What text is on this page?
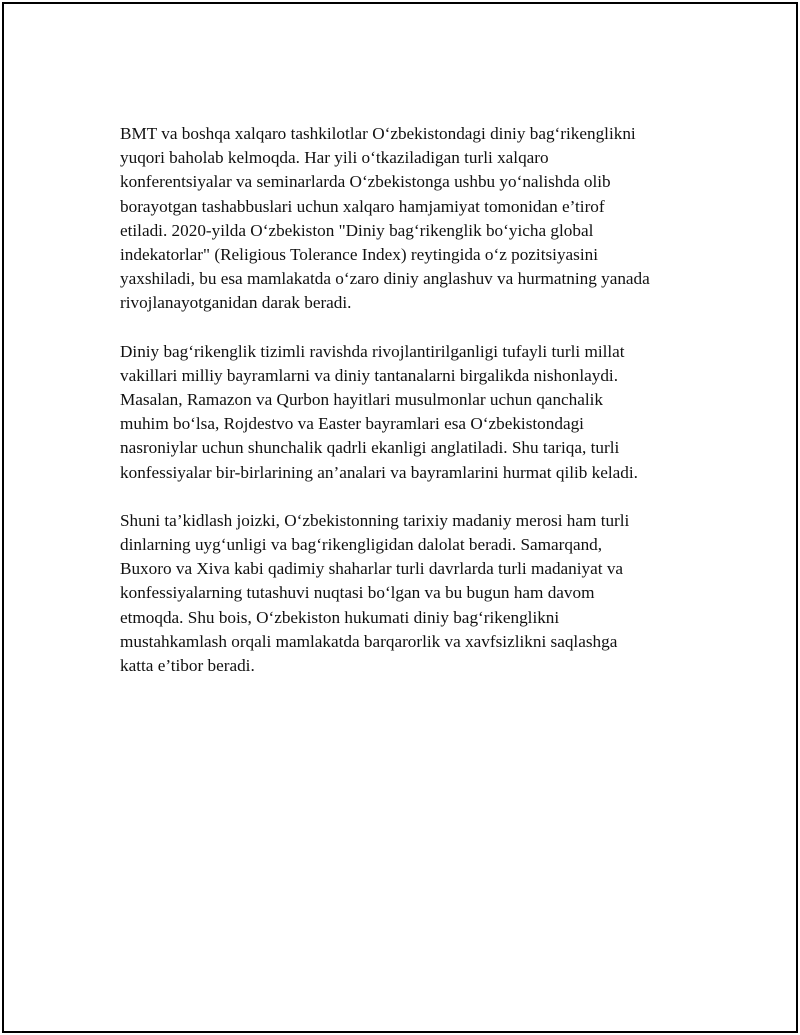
BMT va boshqa xalqaro tashkilotlar O‘zbekistondagi diniy bag‘rikenglikni
yuqori baholab kelmoqda. Har yili o‘tkaziladigan turli xalqaro
konferentsiyalar va seminarlarda O‘zbekistonga ushbu yo‘nalishda olib
borayotgan tashabbuslari uchun xalqaro hamjamiyat tomonidan e’tirof
etiladi. 2020-yilda O‘zbekiston "Diniy bag‘rikenglik bo‘yicha global
indekatorlar" (Religious Tolerance Index) reytingida o‘z pozitsiyasini
yaxshiladi, bu esa mamlakatda o‘zaro diniy anglashuv va hurmatning yanada
rivojlanayotganidan darak beradi.

Diniy bag‘rikenglik tizimli ravishda rivojlantirilganligi tufayli turli millat
vakillari milliy bayramlarni va diniy tantanalarni birgalikda nishonlaydi.
Masalan, Ramazon va Qurbon hayitlari musulmonlar uchun qanchalik
muhim bo‘lsa, Rojdestvo va Easter bayramlari esa O‘zbekistondagi
nasroniylar uchun shunchalik qadrli ekanligi anglatiladi. Shu tariqa, turli
konfessiyalar bir-birlarining an’analari va bayramlarini hurmat qilib keladi.

Shuni ta’kidlash joizki, O‘zbekistonning tarixiy madaniy merosi ham turli
dinlarning uyg‘unligi va bag‘rikengligidan dalolat beradi. Samarqand,
Buxoro va Xiva kabi qadimiy shaharlar turli davrlarda turli madaniyat va
konfessiyalarning tutashuvi nuqtasi bo‘lgan va bu bugun ham davom
etmoqda. Shu bois, O‘zbekiston hukumati diniy bag‘rikenglikni
mustahkamlash orqali mamlakatda barqarorlik va xavfsizlikni saqlashga
katta e’tibor beradi.
